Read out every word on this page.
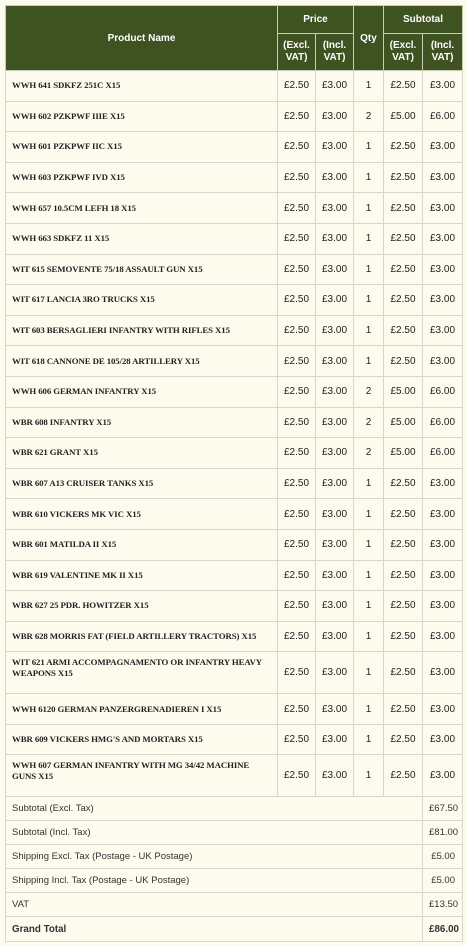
Product Name	Price		Qty	Subtotal	
	(Excl. VAT)	(Incl. VAT)		(Excl. VAT)	(Incl. VAT)
WWH 641 SDKFZ 251C X15	£2.50	£3.00	1	£2.50	£3.00
WWH 602 PZKPWF IIIE X15	£2.50	£3.00	2	£5.00	£6.00
WWH 601 PZKPWF IIC X15	£2.50	£3.00	1	£2.50	£3.00
WWH 603 PZKPWF IVD X15	£2.50	£3.00	1	£2.50	£3.00
WWH 657 10.5CM LEFH 18 X15	£2.50	£3.00	1	£2.50	£3.00
WWH 663 SDKFZ 11 X15	£2.50	£3.00	1	£2.50	£3.00
WIT 615 SEMOVENTE 75/18 ASSAULT GUN X15	£2.50	£3.00	1	£2.50	£3.00
WIT 617 LANCIA 3RO TRUCKS X15	£2.50	£3.00	1	£2.50	£3.00
WIT 603 BERSAGLIERI INFANTRY WITH RIFLES X15	£2.50	£3.00	1	£2.50	£3.00
WIT 618 CANNONE DE 105/28 ARTILLERY X15	£2.50	£3.00	1	£2.50	£3.00
WWH 606 GERMAN INFANTRY X15	£2.50	£3.00	2	£5.00	£6.00
WBR 608 INFANTRY X15	£2.50	£3.00	2	£5.00	£6.00
WBR 621 GRANT X15	£2.50	£3.00	2	£5.00	£6.00
WBR 607 A13 CRUISER TANKS X15	£2.50	£3.00	1	£2.50	£3.00
WBR 610 VICKERS MK VIC X15	£2.50	£3.00	1	£2.50	£3.00
WBR 601 MATILDA II X15	£2.50	£3.00	1	£2.50	£3.00
WBR 619 VALENTINE MK II X15	£2.50	£3.00	1	£2.50	£3.00
WBR 627 25 PDR. HOWITZER X15	£2.50	£3.00	1	£2.50	£3.00
WBR 628 MORRIS FAT (FIELD ARTILLERY TRACTORS) X15	£2.50	£3.00	1	£2.50	£3.00
WIT 621 ARMI ACCOMPAGNAMENTO OR INFANTRY HEAVY WEAPONS X15	£2.50	£3.00	1	£2.50	£3.00
WWH 6120 GERMAN PANZERGRENADIEREN I X15	£2.50	£3.00	1	£2.50	£3.00
WBR 609 VICKERS HMG'S AND MORTARS X15	£2.50	£3.00	1	£2.50	£3.00
WWH 607 GERMAN INFANTRY WITH MG 34/42 MACHINE GUNS X15	£2.50	£3.00	1	£2.50	£3.00
Subtotal (Excl. Tax)					£67.50
Subtotal (Incl. Tax)					£81.00
Shipping Excl. Tax (Postage - UK Postage)					£5.00
Shipping Incl. Tax (Postage - UK Postage)					£5.00
VAT					£13.50
Grand Total					£86.00
